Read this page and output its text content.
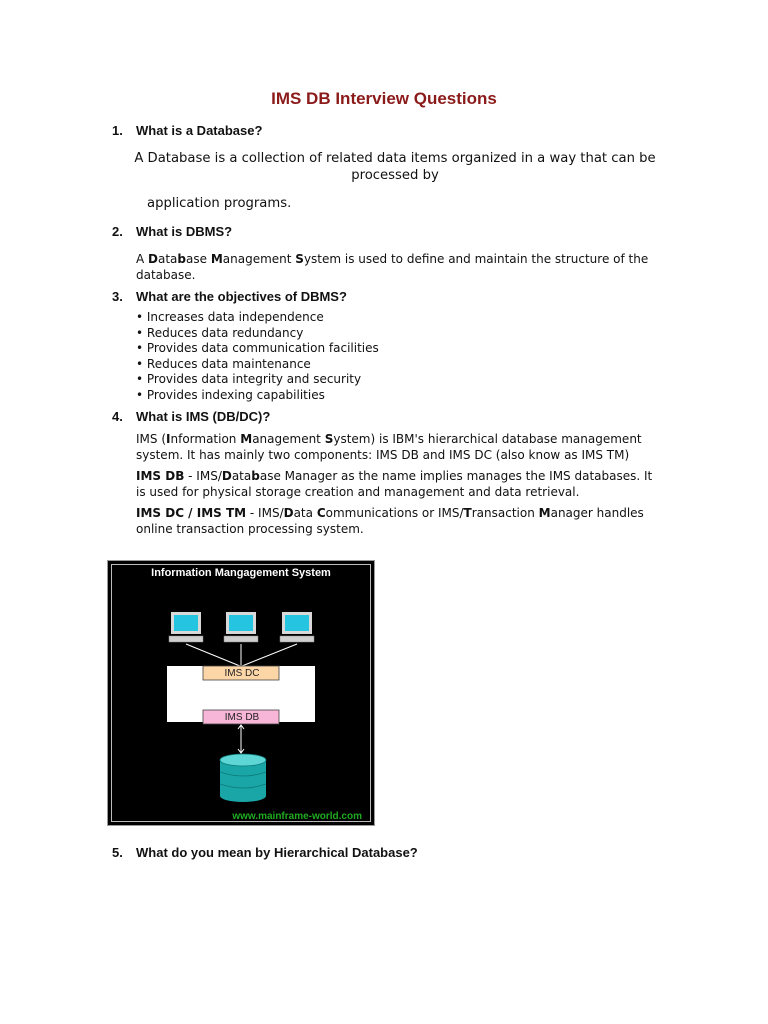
IMS DB Interview Questions
1. What is a Database?
A Database is a collection of related data items organized in a way that can be
processed by
application programs.
2. What is DBMS?
A Database Management System is used to define and maintain the structure of the
database.
3. What are the objectives of DBMS?
• Increases data independence
• Reduces data redundancy
• Provides data communication facilities
• Reduces data maintenance
• Provides data integrity and security
• Provides indexing capabilities
4. What is IMS (DB/DC)?
IMS (Information Management System) is IBM's hierarchical database management
system. It has mainly two components: IMS DB and IMS DC (also know as IMS TM)
IMS DB - IMS/Database Manager as the name implies manages the IMS databases. It
is used for physical storage creation and management and data retrieval.
IMS DC / IMS TM - IMS/Data Communications or IMS/Transaction Manager handles
online transaction processing system.
Information Mangagement System
IMS DC
IMS DB
www.mainframe-world.com
5. What do you mean by Hierarchical Database?
